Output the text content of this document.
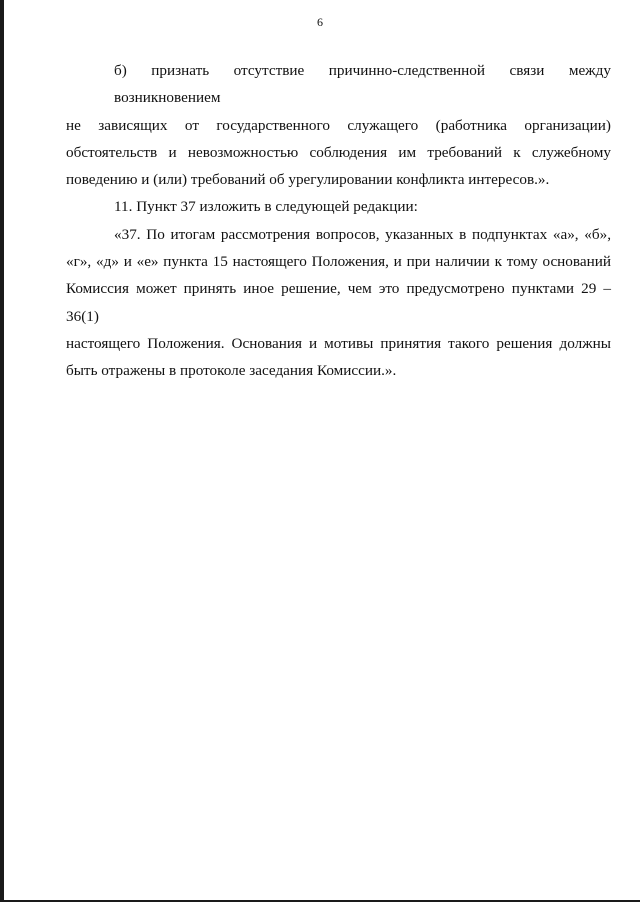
6
б) признать отсутствие причинно-следственной связи между возникновением
не зависящих от государственного служащего (работника организации)
обстоятельств и невозможностью соблюдения им требований к служебному
поведению и (или) требований об урегулировании конфликта интересов.».
11. Пункт 37 изложить в следующей редакции:
«37. По итогам рассмотрения вопросов, указанных в подпунктах «а», «б»,
«г», «д» и «е» пункта 15 настоящего Положения, и при наличии к тому оснований
Комиссия может принять иное решение, чем это предусмотрено пунктами 29 – 36(1)
настоящего Положения. Основания и мотивы принятия такого решения должны
быть отражены в протоколе заседания Комиссии.».
